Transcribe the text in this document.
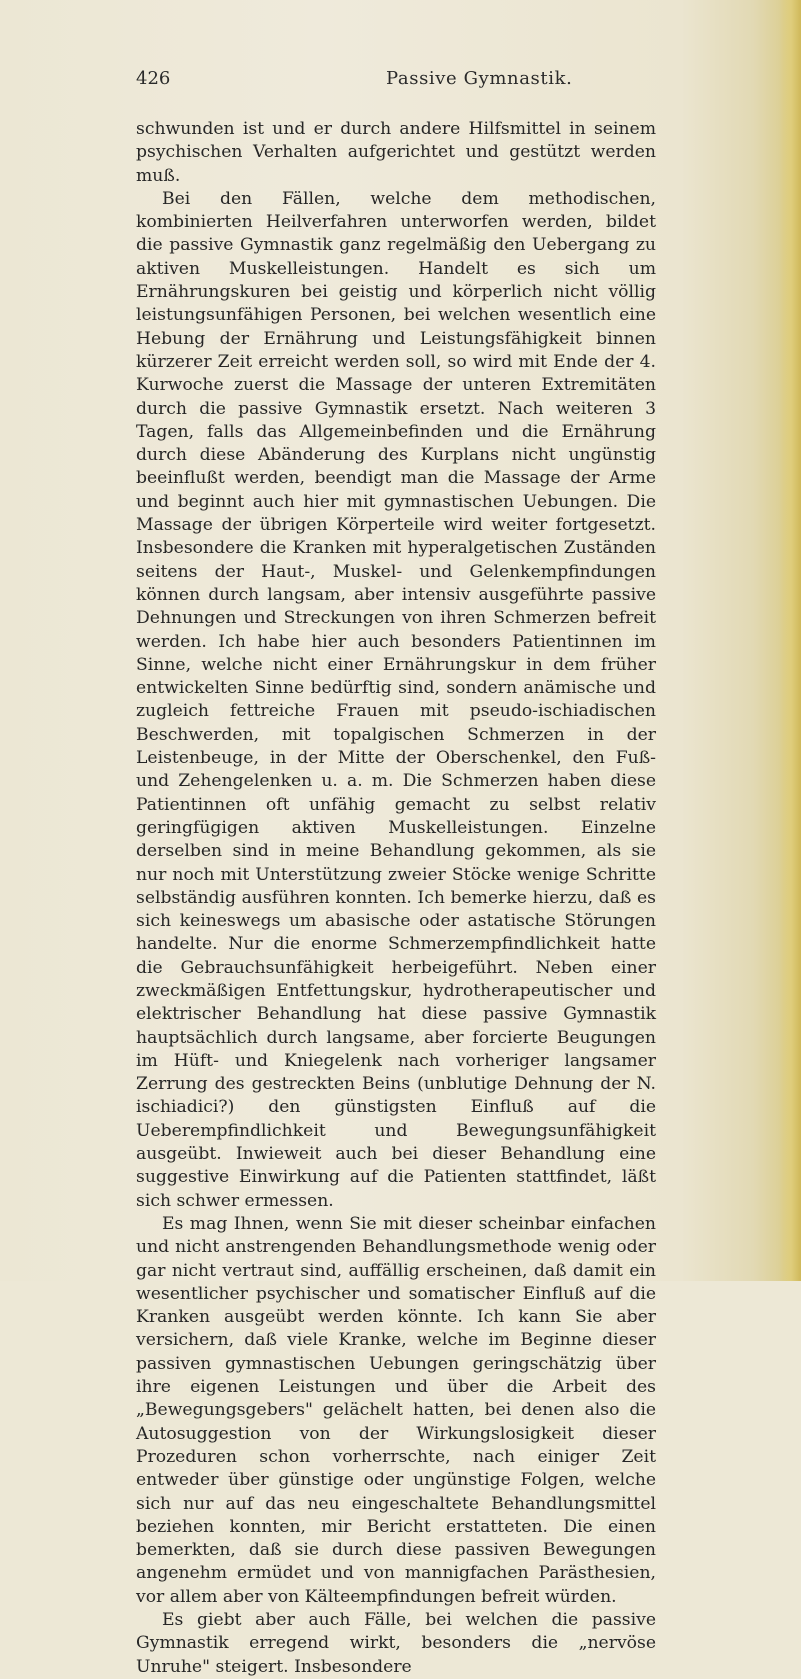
426	Passive Gymnastik.

schwunden ist und er durch andere Hilfsmittel in seinem psychischen Verhalten aufgerichtet und gestützt werden muß.

Bei den Fällen, welche dem methodischen, kombinierten Heilverfahren unterworfen werden, bildet die passive Gymnastik ganz regelmäßig den Uebergang zu aktiven Muskelleistungen. Handelt es sich um Ernährungskuren bei geistig und körperlich nicht völlig leistungsunfähigen Personen, bei welchen wesentlich eine Hebung der Ernährung und Leistungsfähigkeit binnen kürzerer Zeit erreicht werden soll, so wird mit Ende der 4. Kurwoche zuerst die Massage der unteren Extremitäten durch die passive Gymnastik ersetzt. Nach weiteren 3 Tagen, falls das Allgemeinbefinden und die Ernährung durch diese Abänderung des Kurplans nicht ungünstig beeinflußt werden, beendigt man die Massage der Arme und beginnt auch hier mit gymnastischen Uebungen. Die Massage der übrigen Körperteile wird weiter fortgesetzt. Insbesondere die Kranken mit hyperalgetischen Zuständen seitens der Haut-, Muskel- und Gelenkempfindungen können durch langsam, aber intensiv ausgeführte passive Dehnungen und Streckungen von ihren Schmerzen befreit werden. Ich habe hier auch besonders Patientinnen im Sinne, welche nicht einer Ernährungskur in dem früher entwickelten Sinne bedürftig sind, sondern anämische und zugleich fettreiche Frauen mit pseudo-ischiadischen Beschwerden, mit topalgischen Schmerzen in der Leistenbeuge, in der Mitte der Oberschenkel, den Fuß- und Zehengelenken u. a. m. Die Schmerzen haben diese Patientinnen oft unfähig gemacht zu selbst relativ geringfügigen aktiven Muskelleistungen. Einzelne derselben sind in meine Behandlung gekommen, als sie nur noch mit Unterstützung zweier Stöcke wenige Schritte selbständig ausführen konnten. Ich bemerke hierzu, daß es sich keineswegs um abasische oder astatische Störungen handelte. Nur die enorme Schmerzempfindlichkeit hatte die Gebrauchsunfähigkeit herbeigeführt. Neben einer zweckmäßigen Entfettungskur, hydrotherapeutischer und elektrischer Behandlung hat diese passive Gymnastik hauptsächlich durch langsame, aber forcierte Beugungen im Hüft- und Kniegelenk nach vorheriger langsamer Zerrung des gestreckten Beins (unblutige Dehnung der N. ischiadici?) den günstigsten Einfluß auf die Ueberempfindlichkeit und Bewegungsunfähigkeit ausgeübt. Inwieweit auch bei dieser Behandlung eine suggestive Einwirkung auf die Patienten stattfindet, läßt sich schwer ermessen.

Es mag Ihnen, wenn Sie mit dieser scheinbar einfachen und nicht anstrengenden Behandlungsmethode wenig oder gar nicht vertraut sind, auffällig erscheinen, daß damit ein wesentlicher psychischer und somatischer Einfluß auf die Kranken ausgeübt werden könnte. Ich kann Sie aber versichern, daß viele Kranke, welche im Beginne dieser passiven gymnastischen Uebungen geringschätzig über ihre eigenen Leistungen und über die Arbeit des „Bewegungsgebers" gelächelt hatten, bei denen also die Autosuggestion von der Wirkungslosigkeit dieser Prozeduren schon vorherrschte, nach einiger Zeit entweder über günstige oder ungünstige Folgen, welche sich nur auf das neu eingeschaltete Behandlungsmittel beziehen konnten, mir Bericht erstatteten. Die einen bemerkten, daß sie durch diese passiven Bewegungen angenehm ermüdet und von mannigfachen Parästhesien, vor allem aber von Kälteempfindungen befreit würden.

Es giebt aber auch Fälle, bei welchen die passive Gymnastik erregend wirkt, besonders die „nervöse Unruhe" steigert. Insbesondere
